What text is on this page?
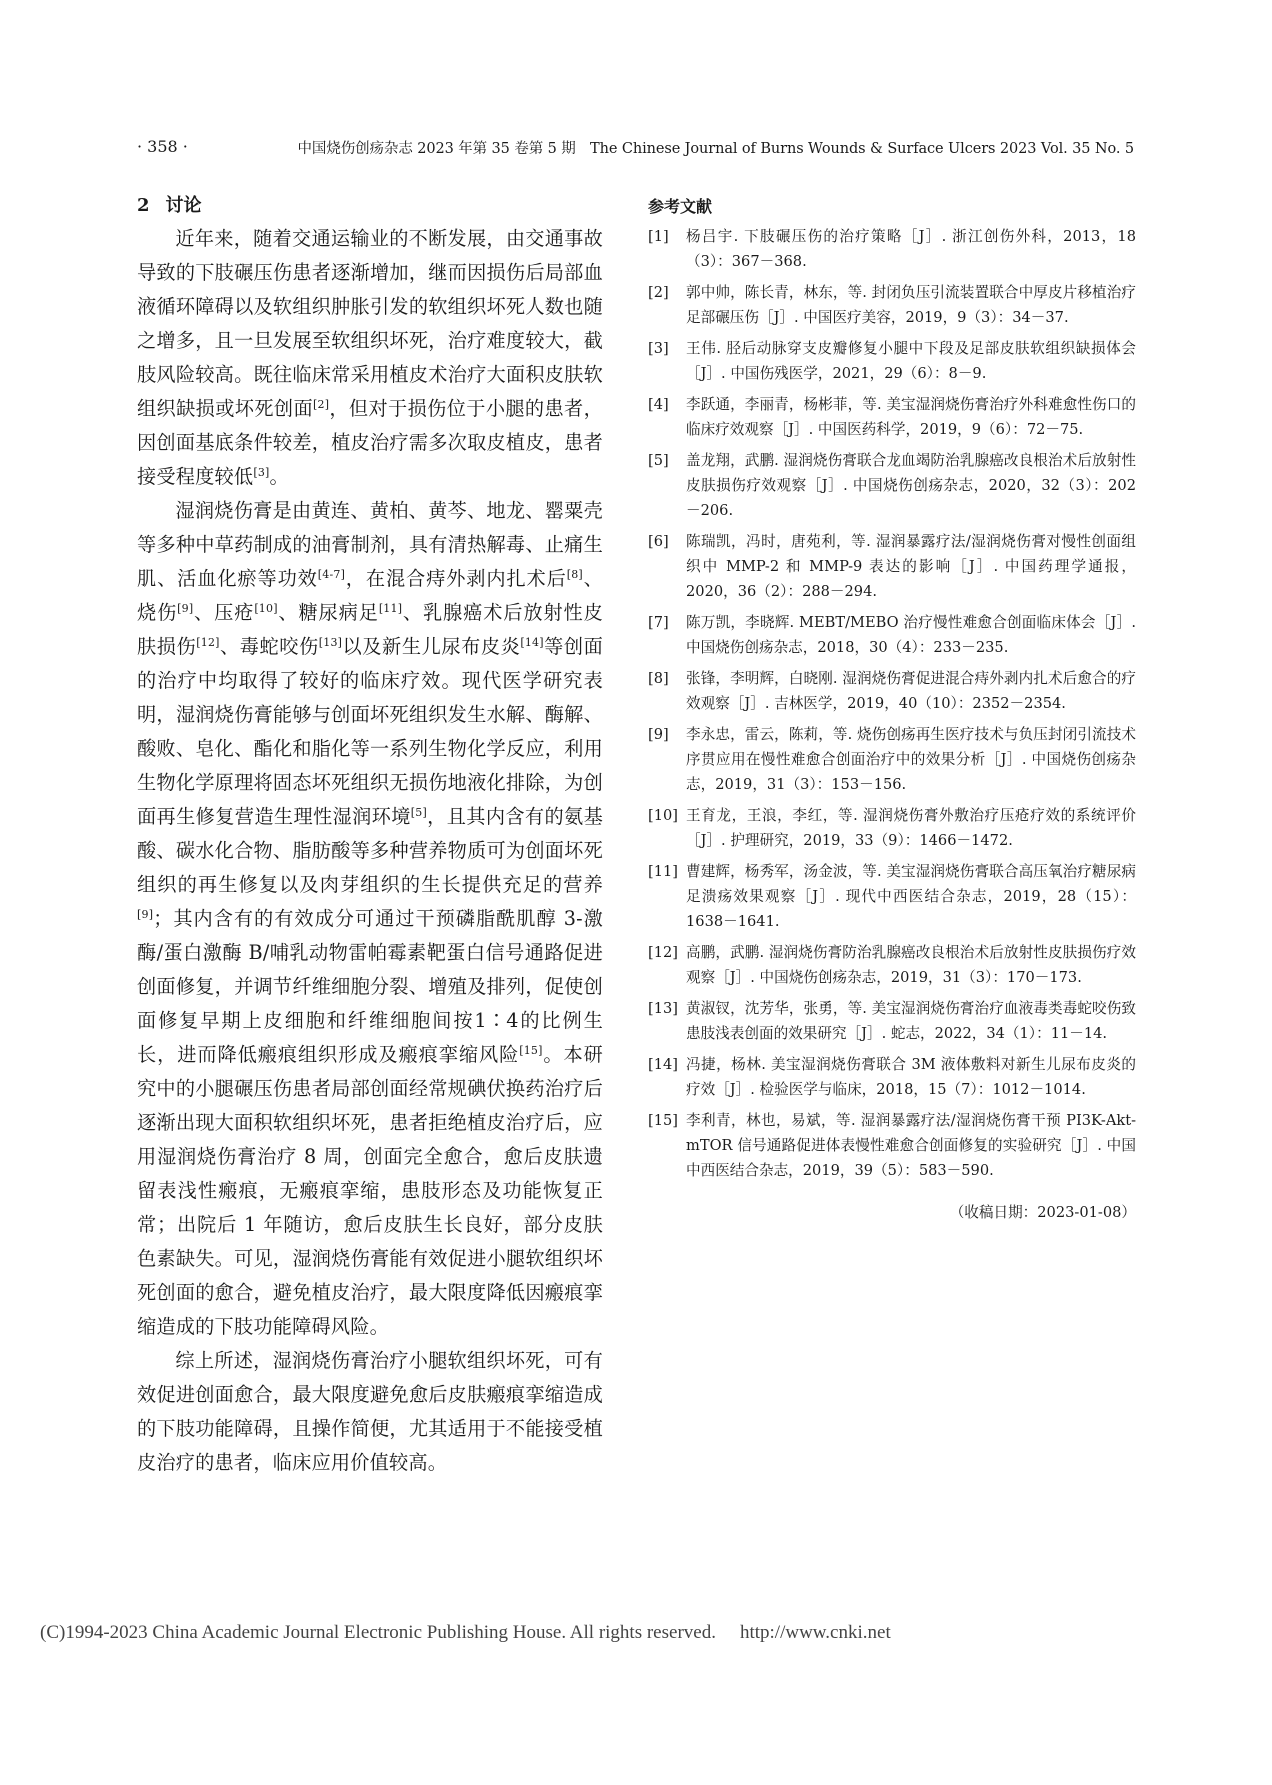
· 358 ·	中国烧伤创疡杂志 2023 年第 35 卷第 5 期　The Chinese Journal of Burns Wounds & Surface Ulcers 2023 Vol. 35 No. 5
2 讨论

近年来，随着交通运输业的不断发展，由交通事故导致的下肢碾压伤患者逐渐增加，继而因损伤后局部血液循环障碍以及软组织肿胀引发的软组织坏死人数也随之增多，且一旦发展至软组织坏死，治疗难度较大，截肢风险较高。既往临床常采用植皮术治疗大面积皮肤软组织缺损或坏死创面[2]，但对于损伤位于小腿的患者，因创面基底条件较差，植皮治疗需多次取皮植皮，患者接受程度较低[3]。

湿润烧伤膏是由黄连、黄柏、黄芩、地龙、罂粟壳等多种中草药制成的油膏制剂，具有清热解毒、止痛生肌、活血化瘀等功效[4-7]，在混合痔外剥内扎术后[8]、烧伤[9]、压疮[10]、糖尿病足[11]、乳腺癌术后放射性皮肤损伤[12]、毒蛇咬伤[13]以及新生儿尿布皮炎[14]等创面的治疗中均取得了较好的临床疗效。现代医学研究表明，湿润烧伤膏能够与创面坏死组织发生水解、酶解、酸败、皂化、酯化和脂化等一系列生物化学反应，利用生物化学原理将固态坏死组织无损伤地液化排除，为创面再生修复营造生理性湿润环境[5]，且其内含有的氨基酸、碳水化合物、脂肪酸等多种营养物质可为创面坏死组织的再生修复以及肉芽组织的生长提供充足的营养[9]；其内含有的有效成分可通过干预磷脂酰肌醇 3-激酶/蛋白激酶 B/哺乳动物雷帕霉素靶蛋白信号通路促进创面修复，并调节纤维细胞分裂、增殖及排列，促使创面修复早期上皮细胞和纤维细胞间按1∶4的比例生长，进而降低瘢痕组织形成及瘢痕挛缩风险[15]。本研究中的小腿碾压伤患者局部创面经常规碘伏换药治疗后逐渐出现大面积软组织坏死，患者拒绝植皮治疗后，应用湿润烧伤膏治疗 8 周，创面完全愈合，愈后皮肤遗留表浅性瘢痕，无瘢痕挛缩，患肢形态及功能恢复正常；出院后 1 年随访，愈后皮肤生长良好，部分皮肤色素缺失。可见，湿润烧伤膏能有效促进小腿软组织坏死创面的愈合，避免植皮治疗，最大限度降低因瘢痕挛缩造成的下肢功能障碍风险。

综上所述，湿润烧伤膏治疗小腿软组织坏死，可有效促进创面愈合，最大限度避免愈后皮肤瘢痕挛缩造成的下肢功能障碍，且操作简便，尤其适用于不能接受植皮治疗的患者，临床应用价值较高。

参考文献
[1]	杨吕宇. 下肢碾压伤的治疗策略［J］. 浙江创伤外科，2013，18（3）：367－368.
[2]	郭中帅，陈长青，林东，等. 封闭负压引流装置联合中厚皮片移植治疗足部碾压伤［J］. 中国医疗美容，2019，9（3）：34－37.
[3]	王伟. 胫后动脉穿支皮瓣修复小腿中下段及足部皮肤软组织缺损体会［J］. 中国伤残医学，2021，29（6）：8－9.
[4]	李跃通，李丽青，杨彬菲，等. 美宝湿润烧伤膏治疗外科难愈性伤口的临床疗效观察［J］. 中国医药科学，2019，9（6）：72－75.
[5]	盖龙翔，武鹏. 湿润烧伤膏联合龙血竭防治乳腺癌改良根治术后放射性皮肤损伤疗效观察［J］. 中国烧伤创疡杂志，2020，32（3）：202－206.
[6]	陈瑞凯，冯时，唐苑利，等. 湿润暴露疗法/湿润烧伤膏对慢性创面组织中 MMP-2 和 MMP-9 表达的影响［J］. 中国药理学通报，2020，36（2）：288－294.
[7]	陈万凯，李晓辉. MEBT/MEBO 治疗慢性难愈合创面临床体会［J］. 中国烧伤创疡杂志，2018，30（4）：233－235.
[8]	张锋，李明辉，白晓刚. 湿润烧伤膏促进混合痔外剥内扎术后愈合的疗效观察［J］. 吉林医学，2019，40（10）：2352－2354.
[9]	李永忠，雷云，陈莉，等. 烧伤创疡再生医疗技术与负压封闭引流技术序贯应用在慢性难愈合创面治疗中的效果分析［J］. 中国烧伤创疡杂志，2019，31（3）：153－156.
[10] 王育龙，王浪，李红，等. 湿润烧伤膏外敷治疗压疮疗效的系统评价［J］. 护理研究，2019，33（9）：1466－1472.
[11] 曹建辉，杨秀军，汤金波，等. 美宝湿润烧伤膏联合高压氧治疗糖尿病足溃疡效果观察［J］. 现代中西医结合杂志，2019，28（15）：1638－1641.
[12] 高鹏，武鹏. 湿润烧伤膏防治乳腺癌改良根治术后放射性皮肤损伤疗效观察［J］. 中国烧伤创疡杂志，2019，31（3）：170－173.
[13] 黄淑钗，沈芳华，张勇，等. 美宝湿润烧伤膏治疗血液毒类毒蛇咬伤致患肢浅表创面的效果研究［J］. 蛇志，2022，34（1）：11－14.
[14] 冯捷，杨林. 美宝湿润烧伤膏联合 3M 液体敷料对新生儿尿布皮炎的疗效［J］. 检验医学与临床，2018，15（7）：1012－1014.
[15] 李利青，林也，易斌，等. 湿润暴露疗法/湿润烧伤膏干预 PI3K-Akt-mTOR 信号通路促进体表慢性难愈合创面修复的实验研究［J］. 中国中西医结合杂志，2019，39（5）：583－590.
（收稿日期：2023-01-08）
(C)1994-2023 China Academic Journal Electronic Publishing House. All rights reserved. http://www.cnki.net
